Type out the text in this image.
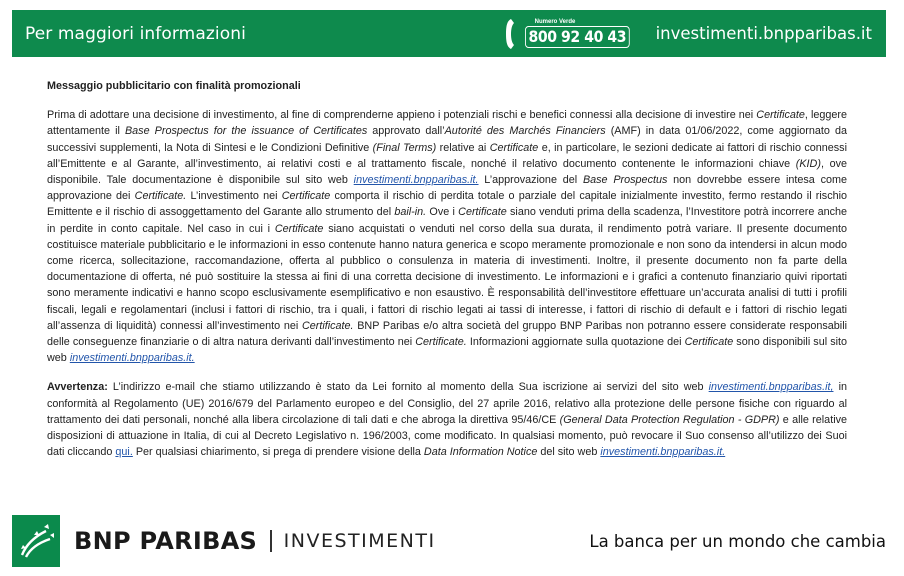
Per maggiori informazioni
Numero Verde
800 92 40 43 investimenti.bnpparibas.it
Messaggio pubblicitario con finalità promozionali

Prima di adottare una decisione di investimento, al fine di comprenderne appieno i potenziali rischi e benefici connessi alla decisione di investire nei Certificate, leggere attentamente il Base Prospectus for the issuance of Certificates approvato dall’Autorité des Marchés Financiers (AMF) in data 01/06/2022, come aggiornato da successivi supplementi, la Nota di Sintesi e le Condizioni Definitive (Final Terms) relative ai Certificate e, in particolare, le sezioni dedicate ai fattori di rischio connessi all’Emittente e al Garante, all’investimento, ai relativi costi e al trattamento fiscale, nonché il relativo documento contenente le informazioni chiave (KID), ove disponibile. Tale documentazione è disponibile sul sito web investimenti.bnpparibas.it. L’approvazione del Base Prospectus non dovrebbe essere intesa come approvazione dei Certificate. L’investimento nei Certificate comporta il rischio di perdita totale o parziale del capitale inizialmente investito, fermo restando il rischio Emittente e il rischio di assoggettamento del Garante allo strumento del bail-in. Ove i Certificate siano venduti prima della scadenza, l’Investitore potrà incorrere anche in perdite in conto capitale. Nel caso in cui i Certificate siano acquistati o venduti nel corso della sua durata, il rendimento potrà variare. Il presente documento costituisce materiale pubblicitario e le informazioni in esso contenute hanno natura generica e scopo meramente promozionale e non sono da intendersi in alcun modo come ricerca, sollecitazione, raccomandazione, offerta al pubblico o consulenza in materia di investimenti. Inoltre, il presente documento non fa parte della documentazione di offerta, né può sostituire la stessa ai fini di una corretta decisione di investimento. Le informazioni e i grafici a contenuto finanziario quivi riportati sono meramente indicativi e hanno scopo esclusivamente esemplificativo e non esaustivo. È responsabilità dell’investitore effettuare un’accurata analisi di tutti i profili fiscali, legali e regolamentari (inclusi i fattori di rischio, tra i quali, i fattori di rischio legati ai tassi di interesse, i fattori di rischio di default e i fattori di rischio legati all’assenza di liquidità) connessi all’investimento nei Certificate. BNP Paribas e/o altra società del gruppo BNP Paribas non potranno essere considerate responsabili delle conseguenze finanziarie o di altra natura derivanti dall’investimento nei Certificate. Informazioni aggiornate sulla quotazione dei Certificate sono disponibili sul sito web investimenti.bnpparibas.it.

Avvertenza: L’indirizzo e-mail che stiamo utilizzando è stato da Lei fornito al momento della Sua iscrizione ai servizi del sito web investimenti.bnpparibas.it, in conformità al Regolamento (UE) 2016/679 del Parlamento europeo e del Consiglio, del 27 aprile 2016, relativo alla protezione delle persone fisiche con riguardo al trattamento dei dati personali, nonché alla libera circolazione di tali dati e che abroga la direttiva 95/46/CE (General Data Protection Regulation - GDPR) e alle relative disposizioni di attuazione in Italia, di cui al Decreto Legislativo n. 196/2003, come modificato. In qualsiasi momento, può revocare il Suo consenso all’utilizzo dei Suoi dati cliccando qui. Per qualsiasi chiarimento, si prega di prendere visione della Data Information Notice del sito web investimenti.bnpparibas.it.

BNP PARIBAS INVESTIMENTI	La banca per un mondo che cambia
